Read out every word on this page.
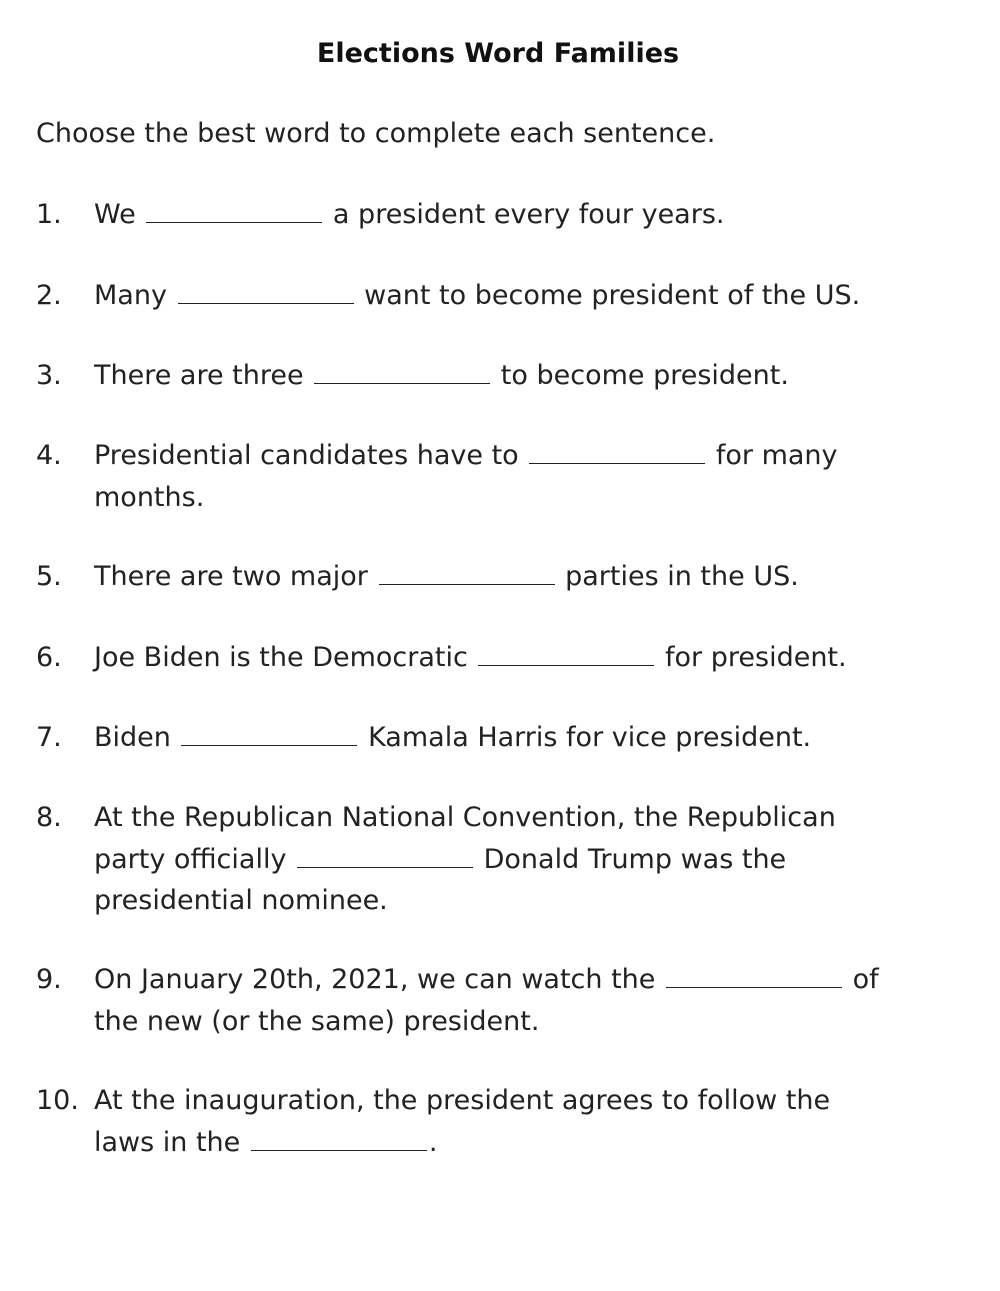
Elections Word Families
Choose the best word to complete each sentence.
1.	We	a president every four years.
2.	Many	want to become president of the US.
3.	There are three	to become president.
4.	Presidential candidates have to	for many
months.
5.	There are two major	parties in the US.
6.	Joe Biden is the Democratic	for president.
7.	Biden	Kamala Harris for vice president.
8.	At the Republican National Convention, the Republican
party officially	Donald Trump was the
presidential nominee.
9.	On January 20th, 2021, we can watch the	of
the new (or the same) president.
10. At the inauguration, the president agrees to follow the
laws in the	.
